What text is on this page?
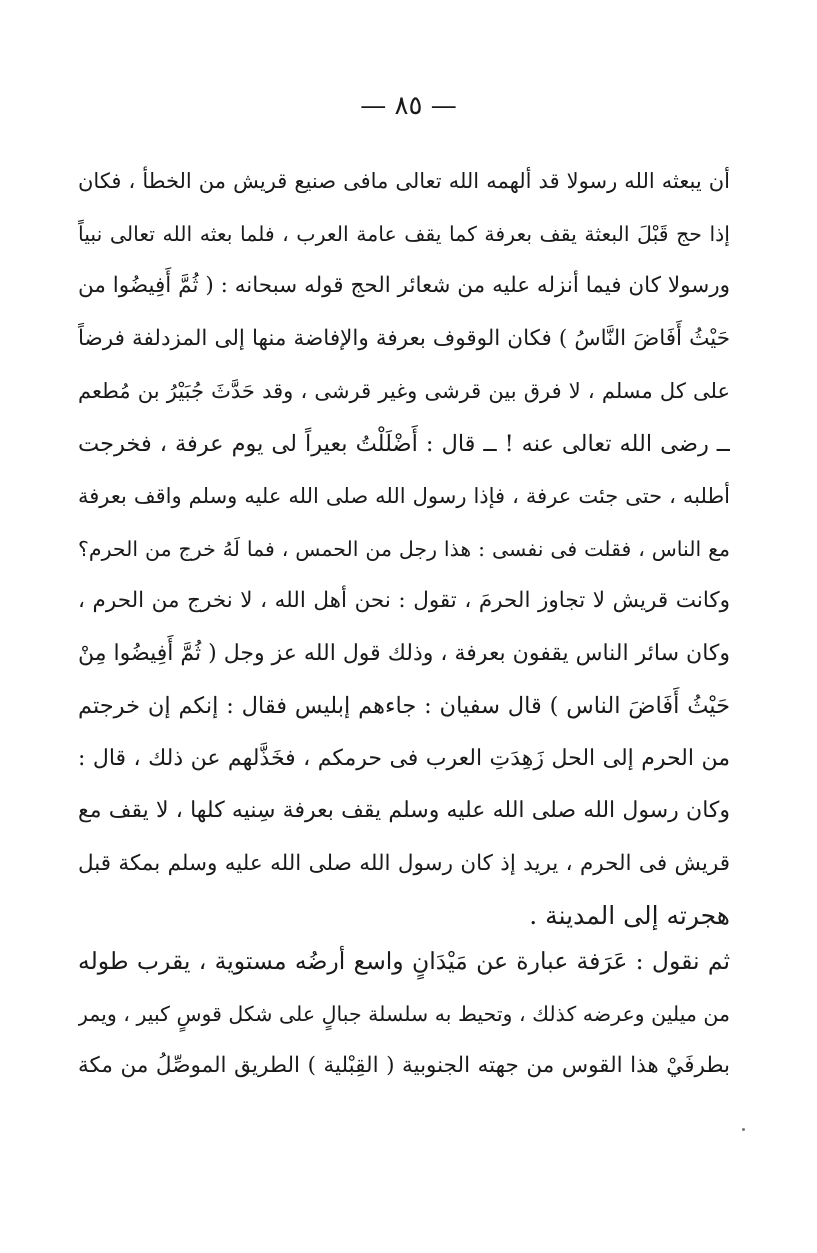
— ٨٥ —
أن يبعثه الله رسولا قد ألهمه الله تعالى مافى صنيع قريش من الخطأ ، فكان
إذا حج قَبْلَ البعثة يقف بعرفة كما يقف عامة العرب ، فلما بعثه الله تعالى نبياً
ورسولا كان فيما أنزله عليه من شعائر الحج قوله سبحانه : ( ثُمَّ أَفِيضُوا من
حَيْثُ أَفَاضَ النَّاسُ ) فكان الوقوف بعرفة والإفاضة منها إلى المزدلفة فرضاً
على كل مسلم ، لا فرق بين قرشى وغير قرشى ، وقد حَدَّثَ جُبَيْرُ بن مُطعم
ــ رضى الله تعالى عنه ! ــ قال : أَضْلَلْتُ بعيراً لى يوم عرفة ، فخرجت
أطلبه ، حتى جئت عرفة ، فإذا رسول الله صلى الله عليه وسلم واقف بعرفة
مع الناس ، فقلت فى نفسى : هذا رجل من الحمس ، فما لَهُ خرج من الحرم؟
وكانت قريش لا تجاوز الحرمَ ، تقول : نحن أهل الله ، لا نخرج من الحرم ،
وكان سائر الناس يقفون بعرفة ، وذلك قول الله عز وجل ( ثُمَّ أَفِيضُوا مِنْ
حَيْثُ أَفَاضَ الناس ) قال سفيان : جاءهم إبليس فقال : إنكم إن خرجتم
من الحرم إلى الحل زَهِدَتِ العرب فى حرمكم ، فخَذَّلهم عن ذلك ، قال :
وكان رسول الله صلى الله عليه وسلم يقف بعرفة سِنيه كلها ، لا يقف مع
قريش فى الحرم ، يريد إذ كان رسول الله صلى الله عليه وسلم بمكة قبل
هجرته إلى المدينة .
ثم نقول : عَرَفة عبارة عن مَيْدَانٍ واسع أرضُه مستوية ، يقرب طوله
من ميلين وعرضه كذلك ، وتحيط به سلسلة جبالٍ على شكل قوسٍ كبير ، ويمر
بطرفَيْ هذا القوس من جهته الجنوبية ( القِبْلية ) الطريق الموصِّلُ من مكة
